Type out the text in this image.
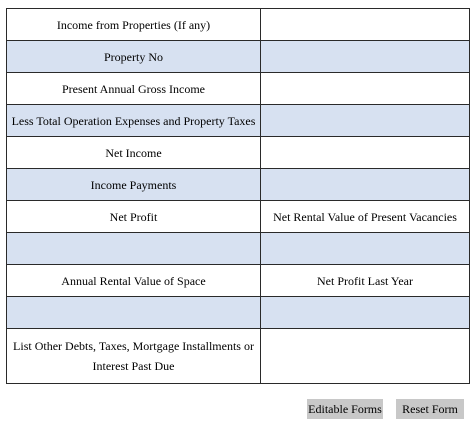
Income from Properties (If any)	
Property No	
Present Annual Gross Income	
Less Total Operation Expenses and Property Taxes	
Net Income	
Income Payments	
Net Profit	Net Rental Value of Present Vacancies

Annual Rental Value of Space	Net Profit Last Year

List Other Debts, Taxes, Mortgage Installments or Interest Past Due	
Editable Forms	Reset Form
